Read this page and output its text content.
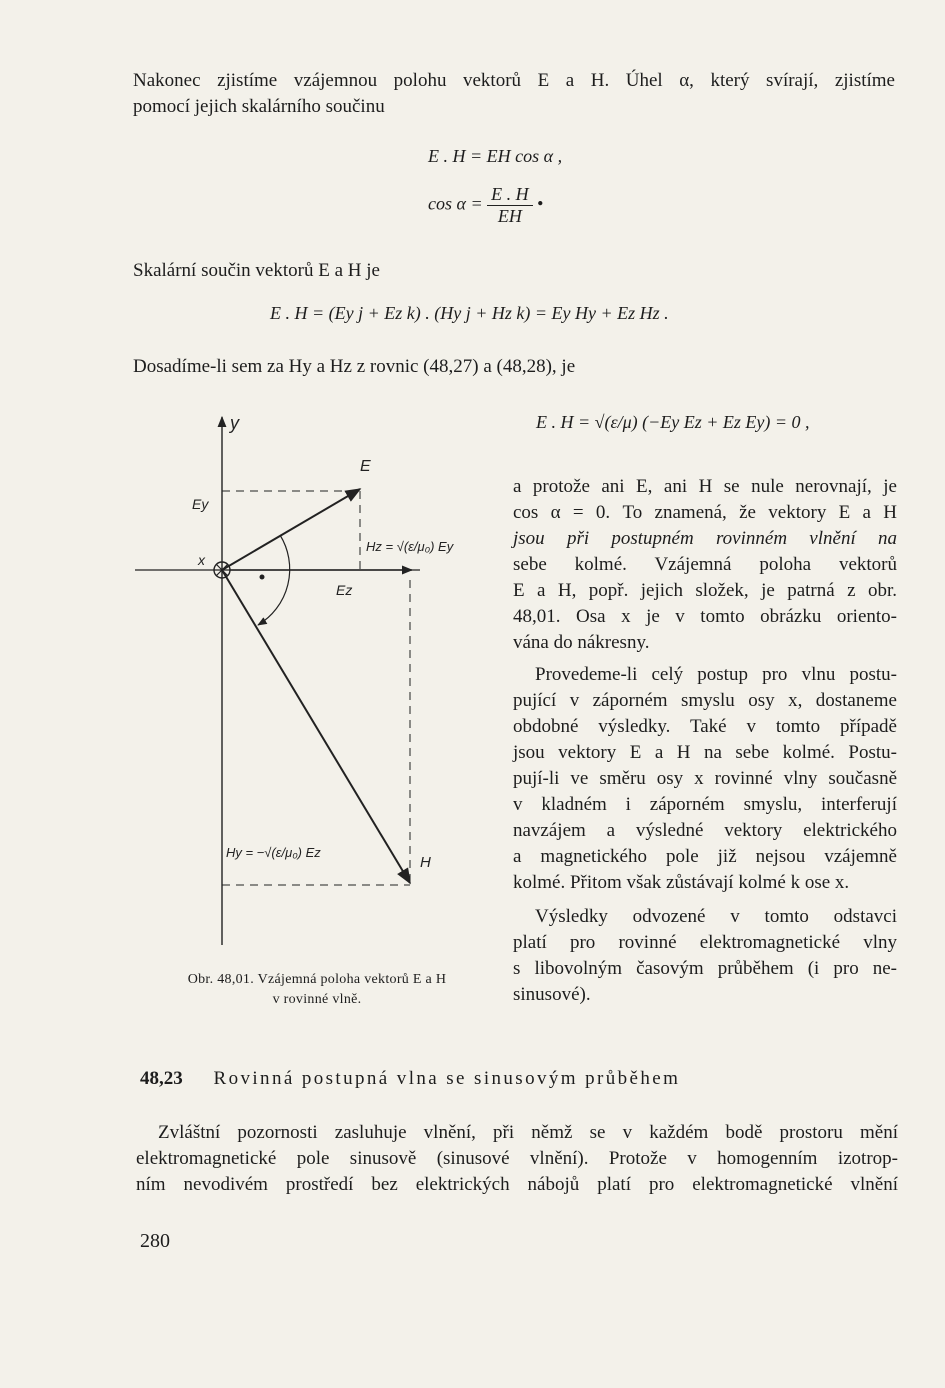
Nakonec zjistíme vzájemnou polohu vektorů E a H. Úhel α, který svírají, zjistíme
pomocí jejich skalárního součinu
E . H = EH cos α ,
$\cos \alpha = \frac{E . H}{EH}$ •
Skalární součin vektorů E a H je
E . H = (Ey j + Ez k) . (Hy j + Hz k) = Ey Hy + Ez Hz .
Dosadíme-li sem za Hy a Hz z rovnic (48,27) a (48,28), je
E . H = √(ε/μ) (−Ey Ez + Ez Ey) = 0 ,
y
x
Ey
Ez
E
H
Hz = √(ε/μ₀) Ey
Hy = −√(ε/μ₀) Ez
Obr. 48,01. Vzájemná poloha vektorů E a H
v rovinné vlně.
a protože ani E, ani H se nule nerovnají, je
cos α = 0. To znamená, že vektory E a H
jsou při postupném rovinném vlnění na
sebe kolmé. Vzájemná poloha vektorů
E a H, popř. jejich složek, je patrná z obr.
48,01. Osa x je v tomto obrázku oriento-
vána do nákresny.
Provedeme-li celý postup pro vlnu postu-
pující v záporném smyslu osy x, dostaneme
obdobné výsledky. Také v tomto případě
jsou vektory E a H na sebe kolmé. Postu-
pují-li ve směru osy x rovinné vlny současně
v kladném i záporném smyslu, interferují
navzájem a výsledné vektory elektrického
a magnetického pole již nejsou vzájemně
kolmé. Přitom však zůstávají kolmé k ose x.
Výsledky odvozené v tomto odstavci
platí pro rovinné elektromagnetické vlny
s libovolným časovým průběhem (i pro ne-
sinusové).
48,23 Rovinná postupná vlna se sinusovým průběhem
Zvláštní pozornosti zasluhuje vlnění, při němž se v každém bodě prostoru mění
elektromagnetické pole sinusově (sinusové vlnění). Protože v homogenním izotrop-
ním nevodivém prostředí bez elektrických nábojů platí pro elektromagnetické vlnění
280
